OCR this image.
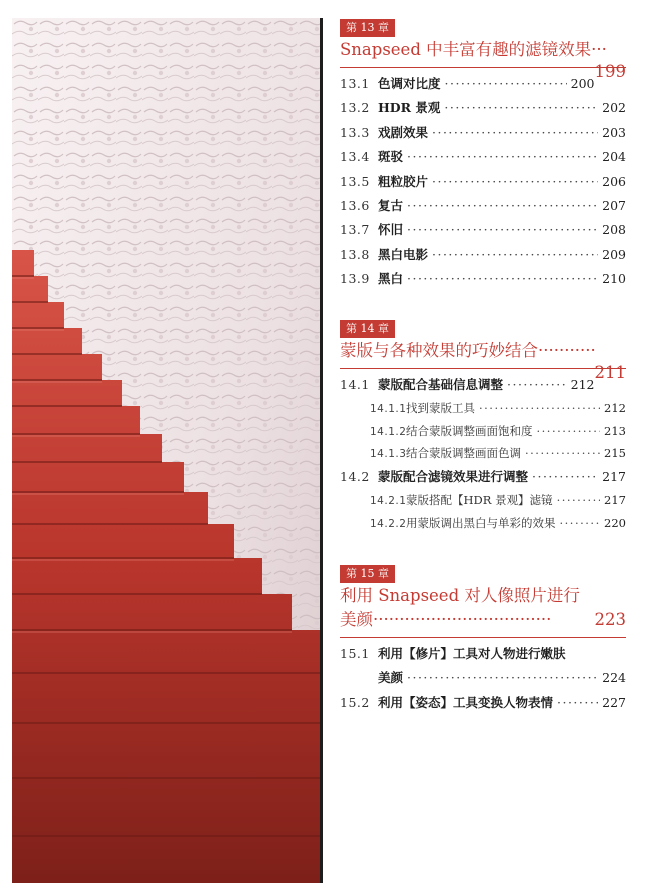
第 13 章
Snapseed 中丰富有趣的滤镜效果···
199
13.1 色调对比度 ·····	200
13.2 HDR 景观 ·····	202
13.3 戏剧效果 ·····	203
13.4 斑驳 ·····	204
13.5 粗粒胶片 ·····	206
13.6 复古 ·····	207
13.7 怀旧 ·····	208
13.8 黑白电影 ·····	209
13.9 黑白 ·····	210
第 14 章
蒙版与各种效果的巧妙结合···········
211
14.1 蒙版配合基础信息调整 ·····	212
14.1.1 找到蒙版工具 ·····	212
14.1.2 结合蒙版调整画面饱和度 ·····	213
14.1.3 结合蒙版调整画面色调 ·····	215
14.2 蒙版配合滤镜效果进行调整 ·····	217
14.2.1 蒙版搭配【HDR 景观】滤镜 ·····	217
14.2.2 用蒙版调出黑白与单彩的效果 ·····	220
第 15 章
利用 Snapseed 对人像照片进行
美颜··································	223
15.1 利用【修片】工具对人物进行嫩肤
美颜 ·····	224
15.2 利用【姿态】工具变换人物表情 ·····	227
